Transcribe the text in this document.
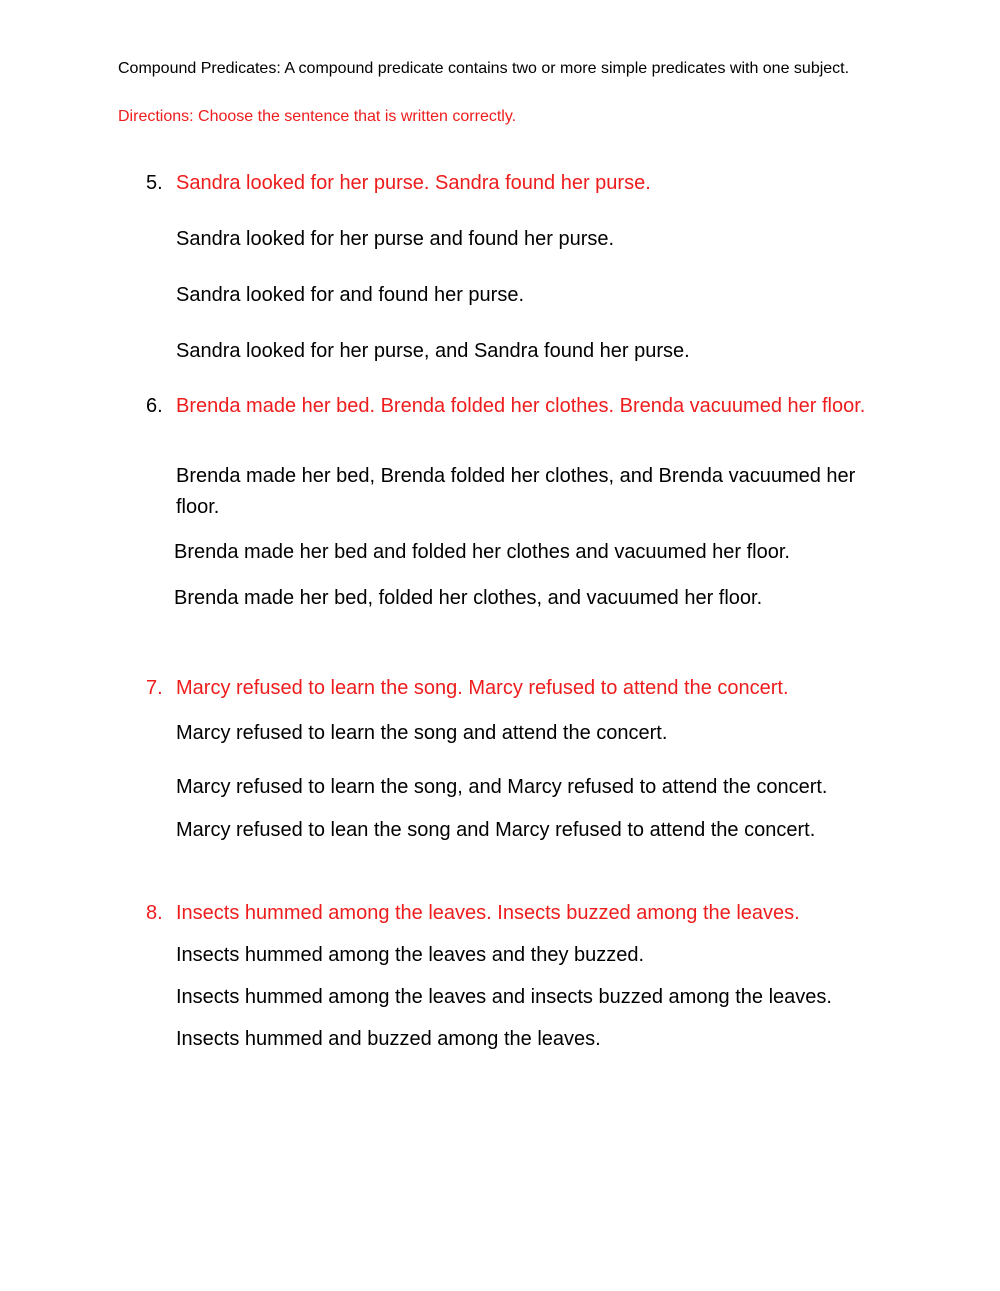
Compound Predicates: A compound predicate contains two or more simple predicates with one subject.
Directions: Choose the sentence that is written correctly.
5. Sandra looked for her purse. Sandra found her purse.
Sandra looked for her purse and found her purse.
Sandra looked for and found her purse.
Sandra looked for her purse, and Sandra found her purse.
6. Brenda made her bed. Brenda folded her clothes. Brenda vacuumed her floor.
Brenda made her bed, Brenda folded her clothes, and Brenda vacuumed her floor.
Brenda made her bed and folded her clothes and vacuumed her floor.
Brenda made her bed, folded her clothes, and vacuumed her floor.
7. Marcy refused to learn the song. Marcy refused to attend the concert.
Marcy refused to learn the song and attend the concert.
Marcy refused to learn the song, and Marcy refused to attend the concert.
Marcy refused to lean the song and Marcy refused to attend the concert.
8. Insects hummed among the leaves. Insects buzzed among the leaves.
Insects hummed among the leaves and they buzzed.
Insects hummed among the leaves and insects buzzed among the leaves.
Insects hummed and buzzed among the leaves.
